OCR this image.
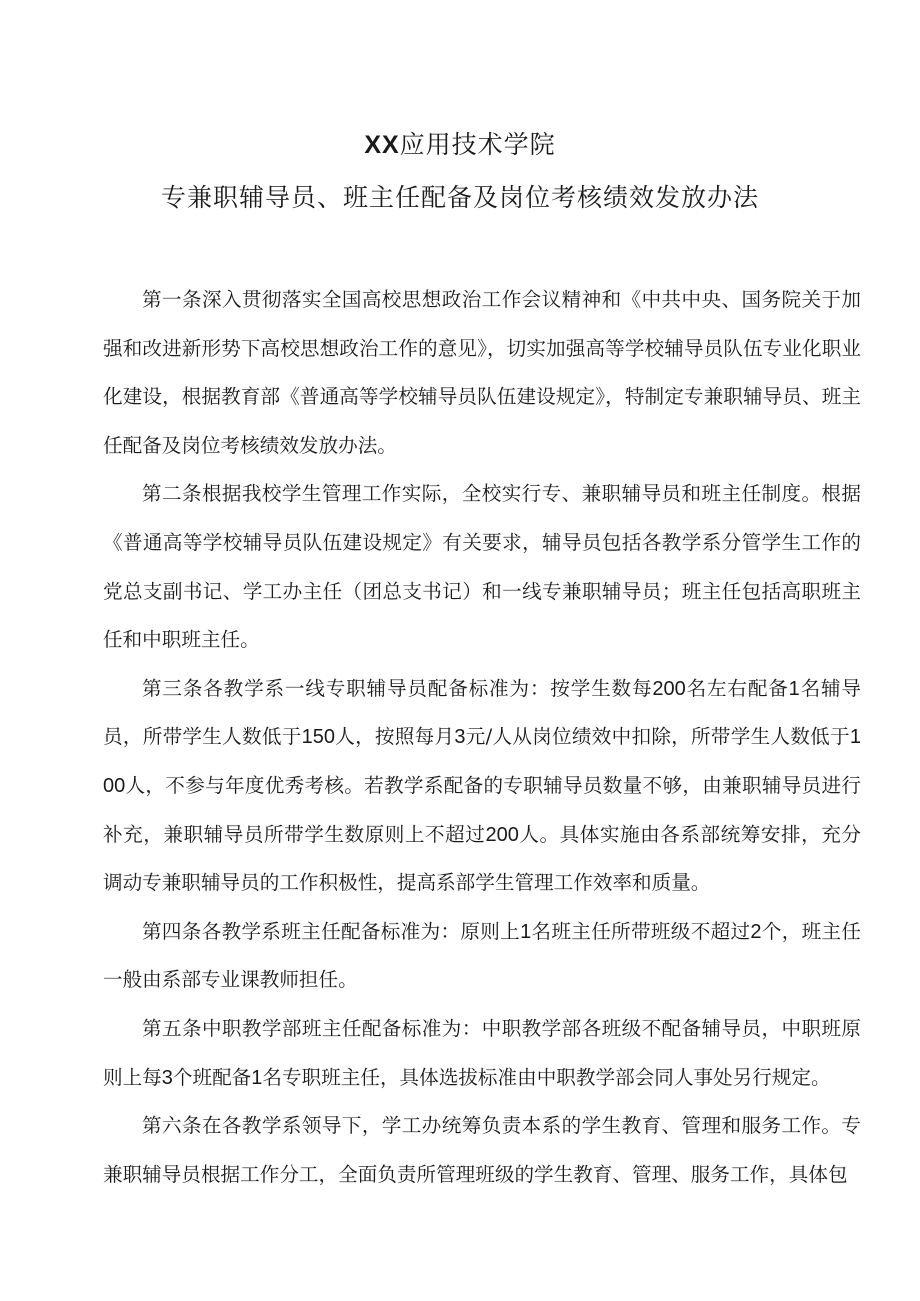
XX应用技术学院
专兼职辅导员、班主任配备及岗位考核绩效发放办法

第一条深入贯彻落实全国高校思想政治工作会议精神和《中共中央、国务院关于加强和改进新形势下高校思想政治工作的意见》，切实加强高等学校辅导员队伍专业化职业化建设，根据教育部《普通高等学校辅导员队伍建设规定》，特制定专兼职辅导员、班主任配备及岗位考核绩效发放办法。

第二条根据我校学生管理工作实际，全校实行专、兼职辅导员和班主任制度。根据《普通高等学校辅导员队伍建设规定》有关要求，辅导员包括各教学系分管学生工作的党总支副书记、学工办主任（团总支书记）和一线专兼职辅导员；班主任包括高职班主任和中职班主任。

第三条各教学系一线专职辅导员配备标准为：按学生数每200名左右配备1名辅导员，所带学生人数低于150人，按照每月3元/人从岗位绩效中扣除，所带学生人数低于100人，不参与年度优秀考核。若教学系配备的专职辅导员数量不够，由兼职辅导员进行补充，兼职辅导员所带学生数原则上不超过200人。具体实施由各系部统筹安排，充分调动专兼职辅导员的工作积极性，提高系部学生管理工作效率和质量。

第四条各教学系班主任配备标准为：原则上1名班主任所带班级不超过2个，班主任一般由系部专业课教师担任。

第五条中职教学部班主任配备标准为：中职教学部各班级不配备辅导员，中职班原则上每3个班配备1名专职班主任，具体选拔标准由中职教学部会同人事处另行规定。

第六条在各教学系领导下，学工办统筹负责本系的学生教育、管理和服务工作。专兼职辅导员根据工作分工，全面负责所管理班级的学生教育、管理、服务工作，具体包
